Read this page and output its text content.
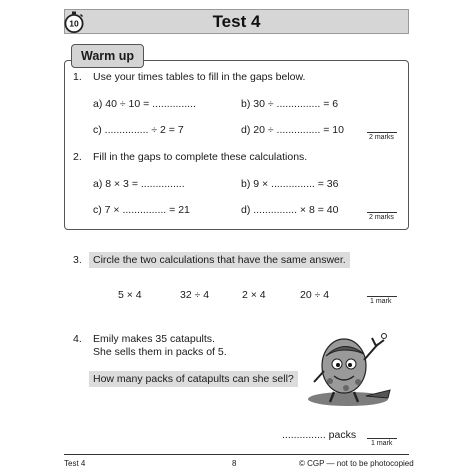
Test 4
10
Warm up
1. Use your times tables to fill in the gaps below.
a) 40 ÷ 10 = ...............	b) 30 ÷ ............... = 6
c) ............... ÷ 2 = 7	d) 20 ÷ ............... = 10
2 marks
2. Fill in the gaps to complete these calculations.
a) 8 × 3 = ...............	b) 9 × ............... = 36
c) 7 × ............... = 21	d) ............... × 8 = 40
2 marks
3.	Circle the two calculations that have the same answer.
5 × 4	32 ÷ 4	2 × 4	20 ÷ 4
1 mark
4. Emily makes 35 catapults.
She sells them in packs of 5.
How many packs of catapults can she sell?
............... packs
1 mark
Test 4	8	© CGP — not to be photocopied
